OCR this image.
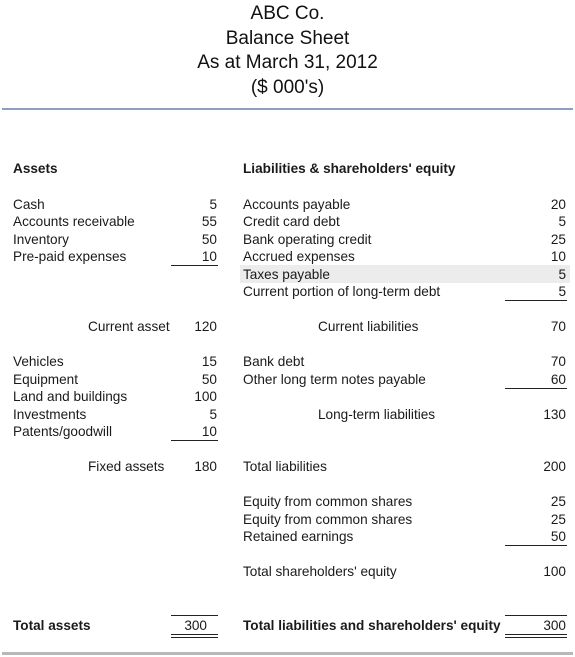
ABC Co.
Balance Sheet
As at March 31, 2012
($ 000's)
Assets	Liabilities & shareholders' equity
Cash	5
Accounts receivable	55
Inventory	50
Pre-paid expenses	10
Current asset	120
Vehicles	15
Equipment	50
Land and buildings	100
Investments	5
Patents/goodwill	10
Fixed assets	180
Total assets	300
Accounts payable	20
Credit card debt	5
Bank operating credit	25
Accrued expenses	10
Taxes payable	5
Current portion of long-term debt	5
Current liabilities	70
Bank debt	70
Other long term notes payable	60
Long-term liabilities	130
Total liabilities	200
Equity from common shares	25
Equity from common shares	25
Retained earnings	50
Total shareholders' equity	100
Total liabilities and shareholders' equity	300
